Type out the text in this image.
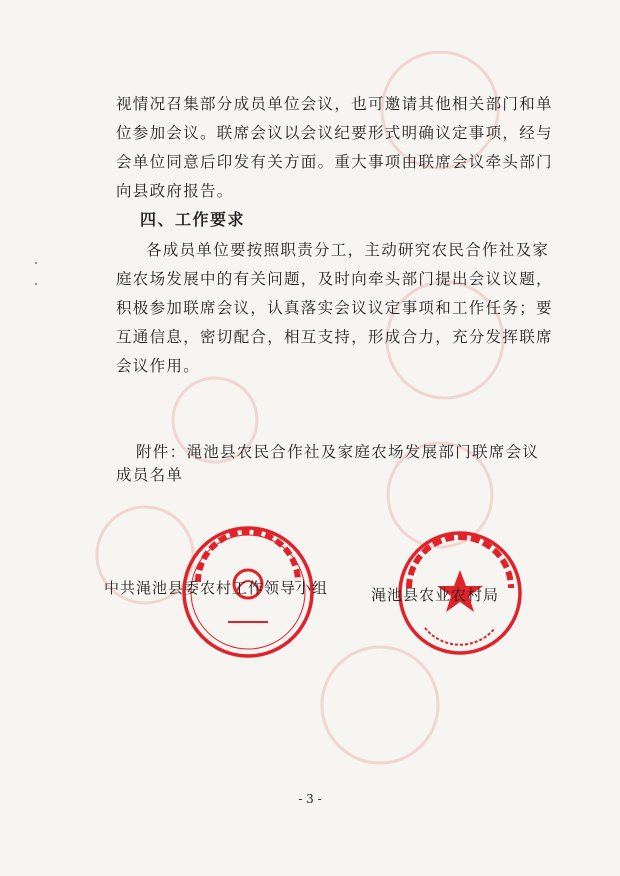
视情况召集部分成员单位会议，也可邀请其他相关部门和单
位参加会议。联席会议以会议纪要形式明确议定事项，经与
会单位同意后印发有关方面。重大事项由联席会议牵头部门
向县政府报告。
四、工作要求
各成员单位要按照职责分工，主动研究农民合作社及家
庭农场发展中的有关问题，及时向牵头部门提出会议议题，
积极参加联席会议，认真落实会议议定事项和工作任务；要
互通信息，密切配合，相互支持，形成合力，充分发挥联席
会议作用。
附件：渑池县农民合作社及家庭农场发展部门联席会议
成员名单
中共渑池县委农村工作领导小组	渑池县农业农村局
- 3 -
